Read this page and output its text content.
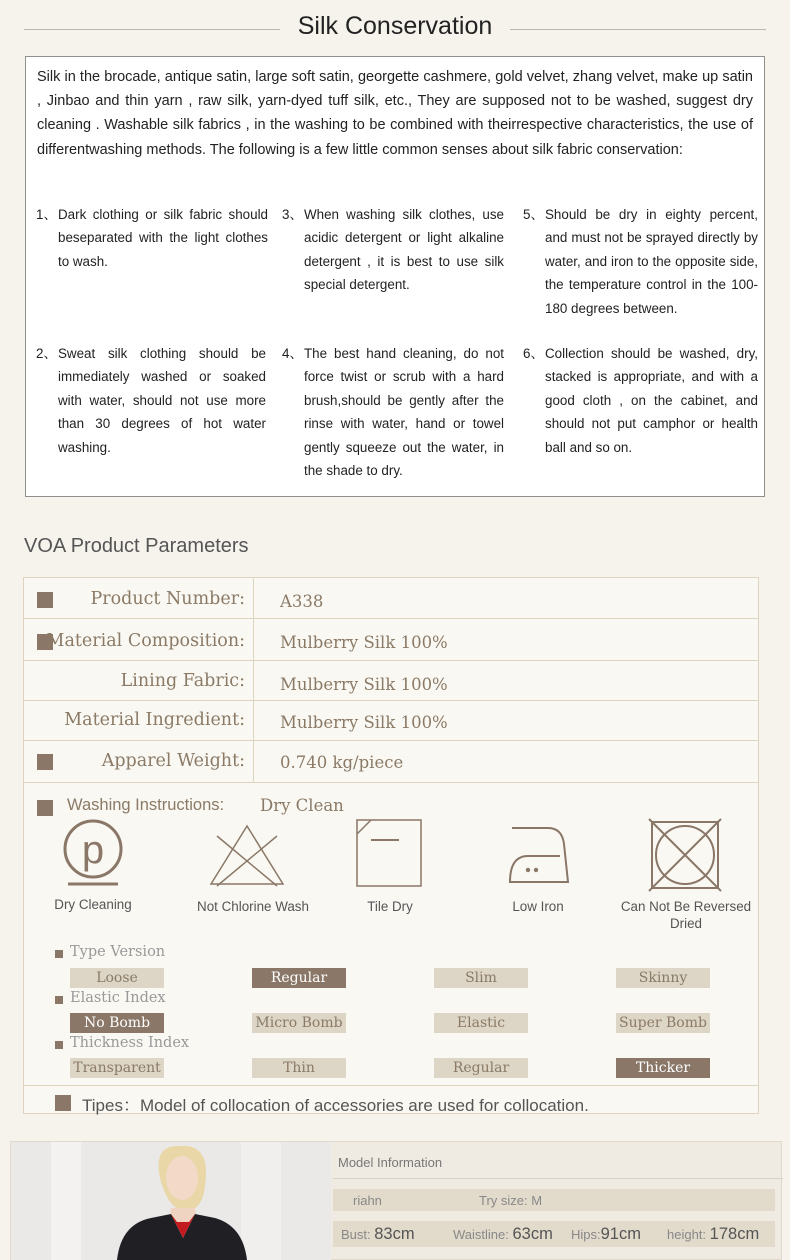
Silk Conservation
Silk in the brocade, antique satin, large soft satin, georgette cashmere, gold velvet, zhang velvet, make up satin , Jinbao and thin yarn , raw silk, yarn-dyed tuff silk, etc., They are supposed not to be washed, suggest dry cleaning . Washable silk fabrics , in the washing to be combined with theirrespective characteristics, the use of differentwashing methods. The following is a few little common senses about silk fabric conservation:
1、 Dark clothing or silk fabric should beseparated with the light clothes to wash.
2、 Sweat silk clothing should be immediately washed or soaked with water, should not use more than 30 degrees of hot water washing.
3、 When washing silk clothes, use acidic detergent or light alkaline detergent , it is best to use silk special detergent.
4、 The best hand cleaning, do not force twist or scrub with a hard brush,should be gently after the rinse with water, hand or towel gently squeeze out the water, in the shade to dry.
5、 Should be dry in eighty percent, and must not be sprayed directly by water, and iron to the opposite side, the temperature control in the 100-180 degrees between.
6、 Collection should be washed, dry, stacked is appropriate, and with a good cloth , on the cabinet, and should not put camphor or health ball and so on.
VOA Product Parameters
Product Number: A338
Material Composition: Mulberry Silk 100%
Lining Fabric: Mulberry Silk 100%
Material Ingredient: Mulberry Silk 100%
Apparel Weight: 0.740 kg/piece
Washing Instructions: Dry Clean
p
Dry Cleaning	Not Chlorine Wash	Tile Dry	Low Iron	Can Not Be Reversed Dried
Type Version
Loose	Regular	Slim	Skinny
Elastic Index
No Bomb	Micro Bomb	Elastic	Super Bomb
Thickness Index
Transparent	Thin	Regular	Thicker
Tipes：Model of collocation of accessories are used for collocation.
Model Information
riahn	Try size: M
Bust: 83cm	Waistline: 63cm Hips:91cm height: 178cm
